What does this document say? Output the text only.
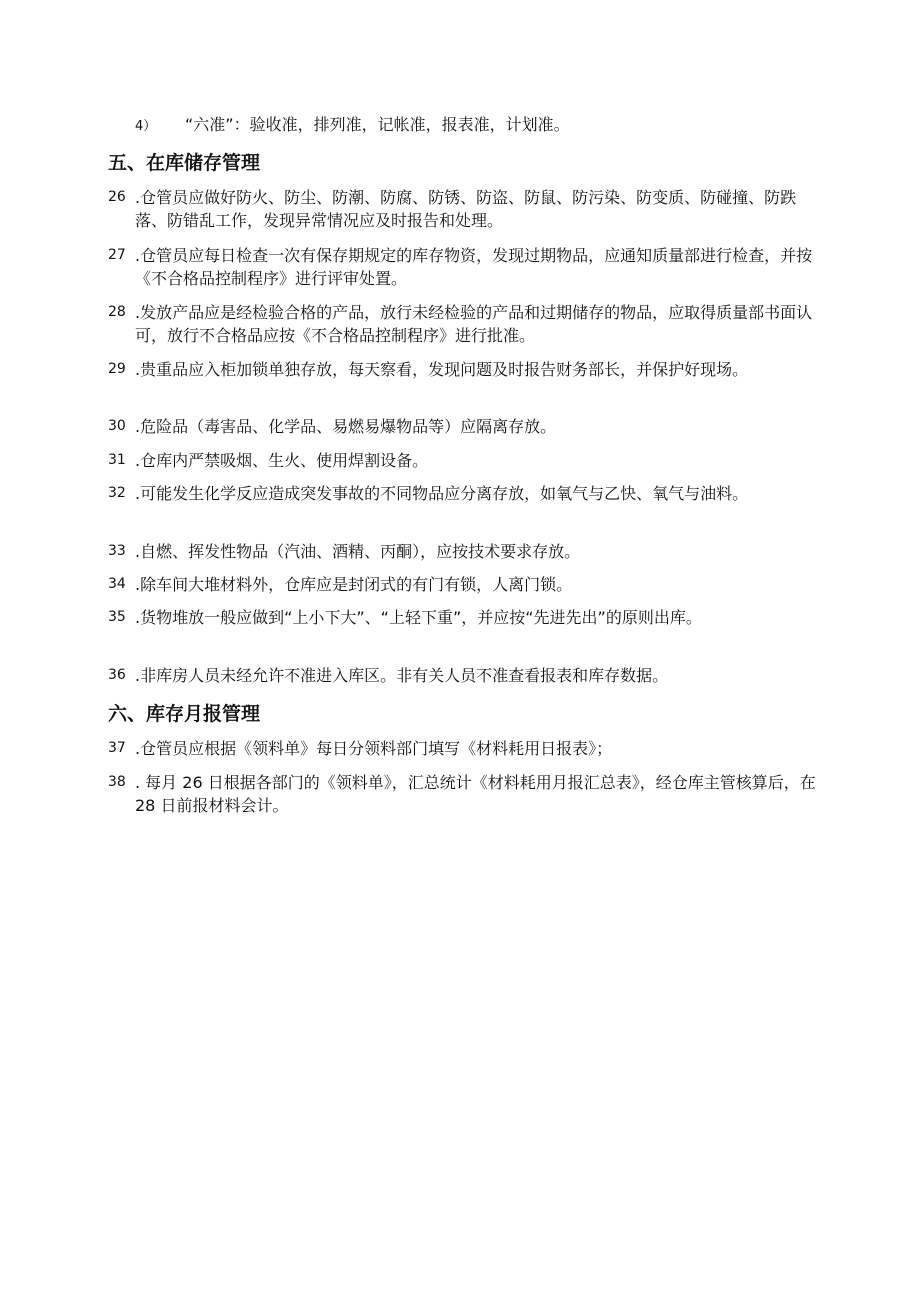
4） “六准”：验收准，排列准，记帐准，报表准，计划准。
五、在库储存管理
26 .仓管员应做好防火、防尘、防潮、防腐、防锈、防盗、防鼠、防污染、防变质、防碰撞、防跌落、防错乱工作，发现异常情况应及时报告和处理。
27 .仓管员应每日检查一次有保存期规定的库存物资，发现过期物品，应通知质量部进行检查，并按《不合格品控制程序》进行评审处置。
28 .发放产品应是经检验合格的产品，放行未经检验的产品和过期储存的物品，应取得质量部书面认可，放行不合格品应按《不合格品控制程序》进行批准。
29 .贵重品应入柜加锁单独存放，每天察看，发现问题及时报告财务部长，并保护好现场。
30 .危险品（毒害品、化学品、易燃易爆物品等）应隔离存放。
31 .仓库内严禁吸烟、生火、使用焊割设备。
32 .可能发生化学反应造成突发事故的不同物品应分离存放，如氧气与乙快、氧气与油料。
33 .自燃、挥发性物品（汽油、酒精、丙酮），应按技术要求存放。
34 .除车间大堆材料外，仓库应是封闭式的有门有锁，人离门锁。
35 .货物堆放一般应做到“上小下大”、“上轻下重”，并应按“先进先出”的原则出库。
36 .非库房人员未经允许不准进入库区。非有关人员不准查看报表和库存数据。
六、库存月报管理
37 .仓管员应根据《领料单》每日分领料部门填写《材料耗用日报表》；
38 . 每月 26 日根据各部门的《领料单》，汇总统计《材料耗用月报汇总表》，经仓库主管核算后，在 28 日前报材料会计。
